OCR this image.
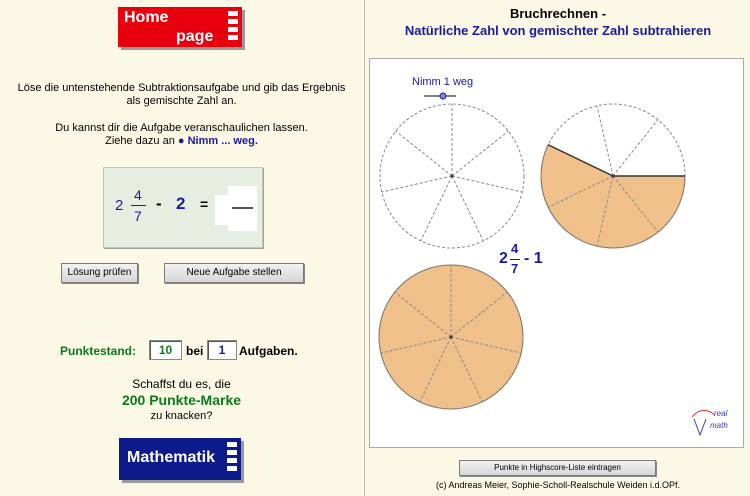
Home
page
Löse die untenstehende Subtraktionsaufgabe und gib das Ergebnis
als gemischte Zahl an.
Du kannst dir die Aufgabe veranschaulichen lassen.
Ziehe dazu an ● Nimm ... weg.
2
4
7
- 2 =
Lösung prüfen	Neue Aufgabe stellen
Punktestand:	10	bei	1	Aufgaben.
Schaffst du es, die
200 Punkte-Marke
zu knacken?
Mathematik
Bruchrechnen -
Natürliche Zahl von gemischter Zahl subtrahieren
Nimm 1 weg
2
4
7
- 1
real
math
Punkte in Highscore-Liste eintragen
(c) Andreas Meier, Sophie-Scholl-Realschule Weiden i.d.OPf.
